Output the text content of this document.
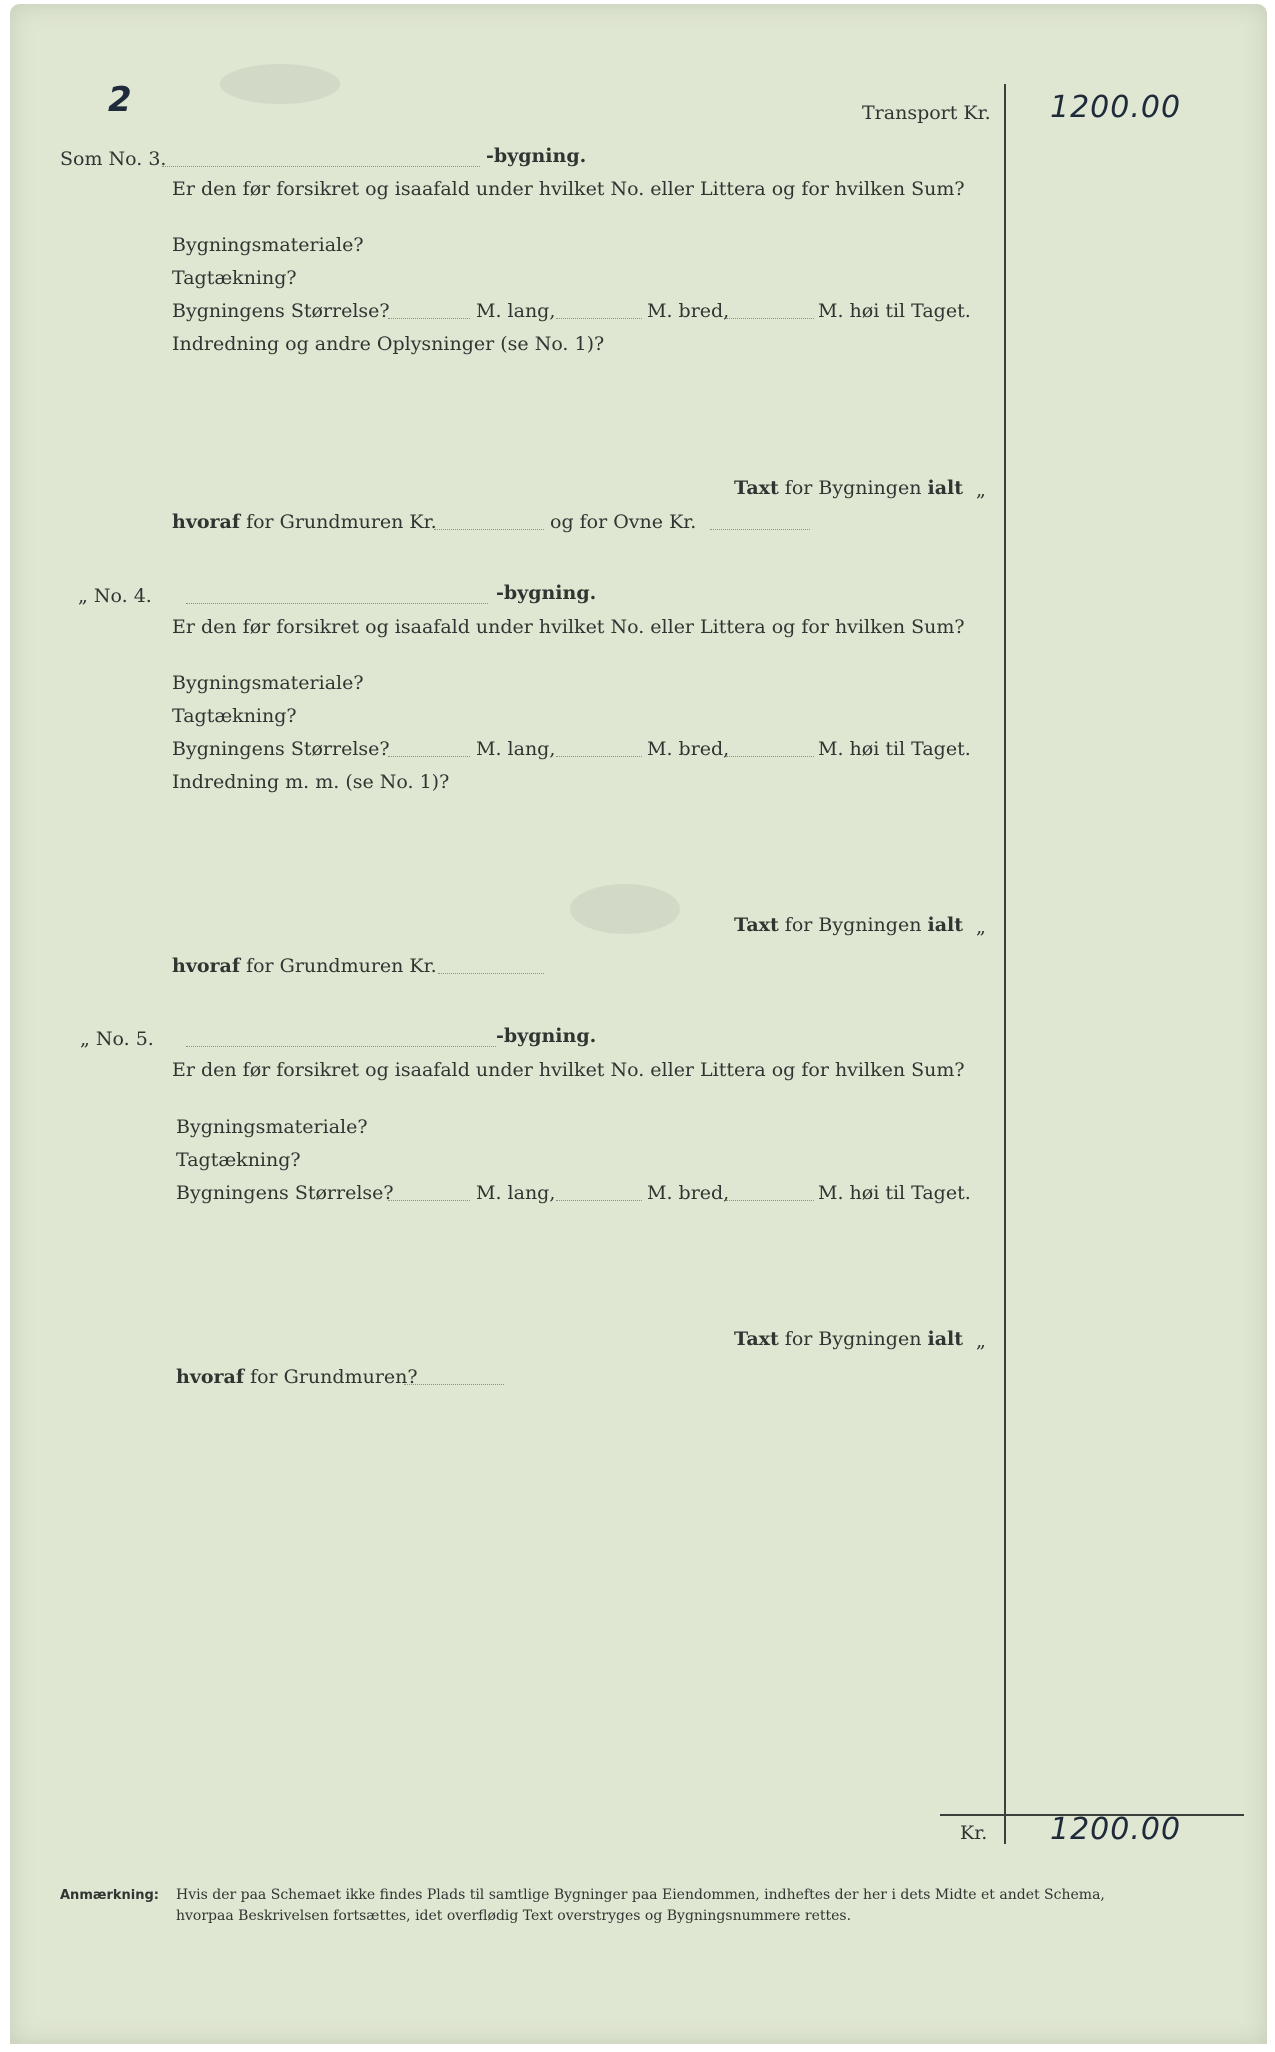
2	Transport Kr. 1200.00
Som No. 3.	-bygning.
Er den før forsikret og isaafald under hvilket No. eller Littera og for hvilken Sum?
Bygningsmateriale?
Tagtækning?
Bygningens Størrelse?	M. lang,	M. bred,	M. høi til Taget.
Indredning og andre Oplysninger (se No. 1)?
Taxt for Bygningen ialt „
hvoraf for Grundmuren Kr.	og for Ovne Kr.
„ No. 4.	-bygning.
Er den før forsikret og isaafald under hvilket No. eller Littera og for hvilken Sum?
Bygningsmateriale?
Tagtækning?
Bygningens Størrelse?	M. lang,	M. bred,	M. høi til Taget.
Indredning m. m. (se No. 1)?
Taxt for Bygningen ialt „
hvoraf for Grundmuren Kr.
„ No. 5.	-bygning.
Er den før forsikret og isaafald under hvilket No. eller Littera og for hvilken Sum?
Bygningsmateriale?
Tagtækning?
Bygningens Størrelse?	M. lang,	M. bred,	M. høi til Taget.
Taxt for Bygningen ialt „
hvoraf for Grundmuren?
Kr. 1200.00
Anmærkning: Hvis der paa Schemaet ikke findes Plads til samtlige Bygninger paa Eiendommen, indheftes der her i dets Midte et andet Schema,
hvorpaa Beskrivelsen fortsættes, idet overflødig Text overstryges og Bygningsnummere rettes.
